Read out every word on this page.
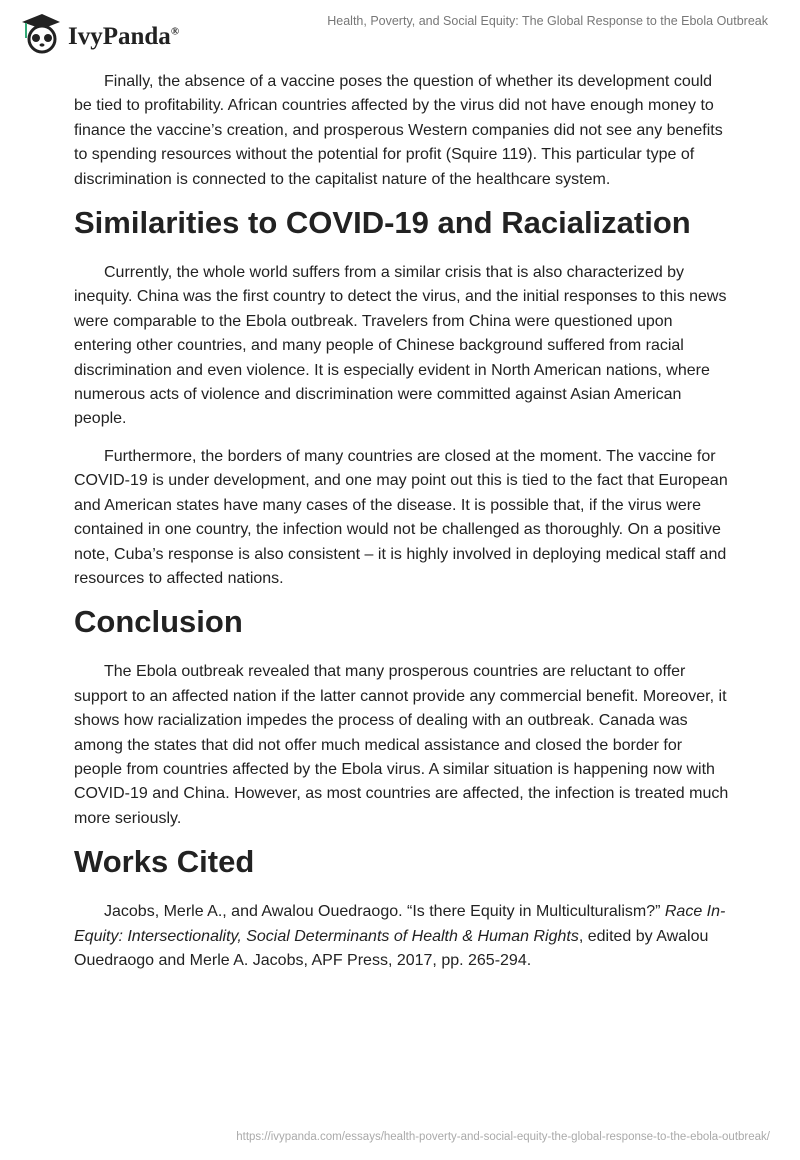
IvyPanda®
Health, Poverty, and Social Equity: The Global Response to the Ebola Outbreak

Finally, the absence of a vaccine poses the question of whether its development could be tied to profitability. African countries affected by the virus did not have enough money to finance the vaccine’s creation, and prosperous Western companies did not see any benefits to spending resources without the potential for profit (Squire 119). This particular type of discrimination is connected to the capitalist nature of the healthcare system.

Similarities to COVID-19 and Racialization

Currently, the whole world suffers from a similar crisis that is also characterized by inequity. China was the first country to detect the virus, and the initial responses to this news were comparable to the Ebola outbreak. Travelers from China were questioned upon entering other countries, and many people of Chinese background suffered from racial discrimination and even violence. It is especially evident in North American nations, where numerous acts of violence and discrimination were committed against Asian American people.

Furthermore, the borders of many countries are closed at the moment. The vaccine for COVID-19 is under development, and one may point out this is tied to the fact that European and American states have many cases of the disease. It is possible that, if the virus were contained in one country, the infection would not be challenged as thoroughly. On a positive note, Cuba’s response is also consistent – it is highly involved in deploying medical staff and resources to affected nations.

Conclusion

The Ebola outbreak revealed that many prosperous countries are reluctant to offer support to an affected nation if the latter cannot provide any commercial benefit. Moreover, it shows how racialization impedes the process of dealing with an outbreak. Canada was among the states that did not offer much medical assistance and closed the border for people from countries affected by the Ebola virus. A similar situation is happening now with COVID-19 and China. However, as most countries are affected, the infection is treated much more seriously.

Works Cited

Jacobs, Merle A., and Awalou Ouedraogo. “Is there Equity in Multiculturalism?” Race In-Equity: Intersectionality, Social Determinants of Health & Human Rights, edited by Awalou Ouedraogo and Merle A. Jacobs, APF Press, 2017, pp. 265-294.

https://ivypanda.com/essays/health-poverty-and-social-equity-the-global-response-to-the-ebola-outbreak/
